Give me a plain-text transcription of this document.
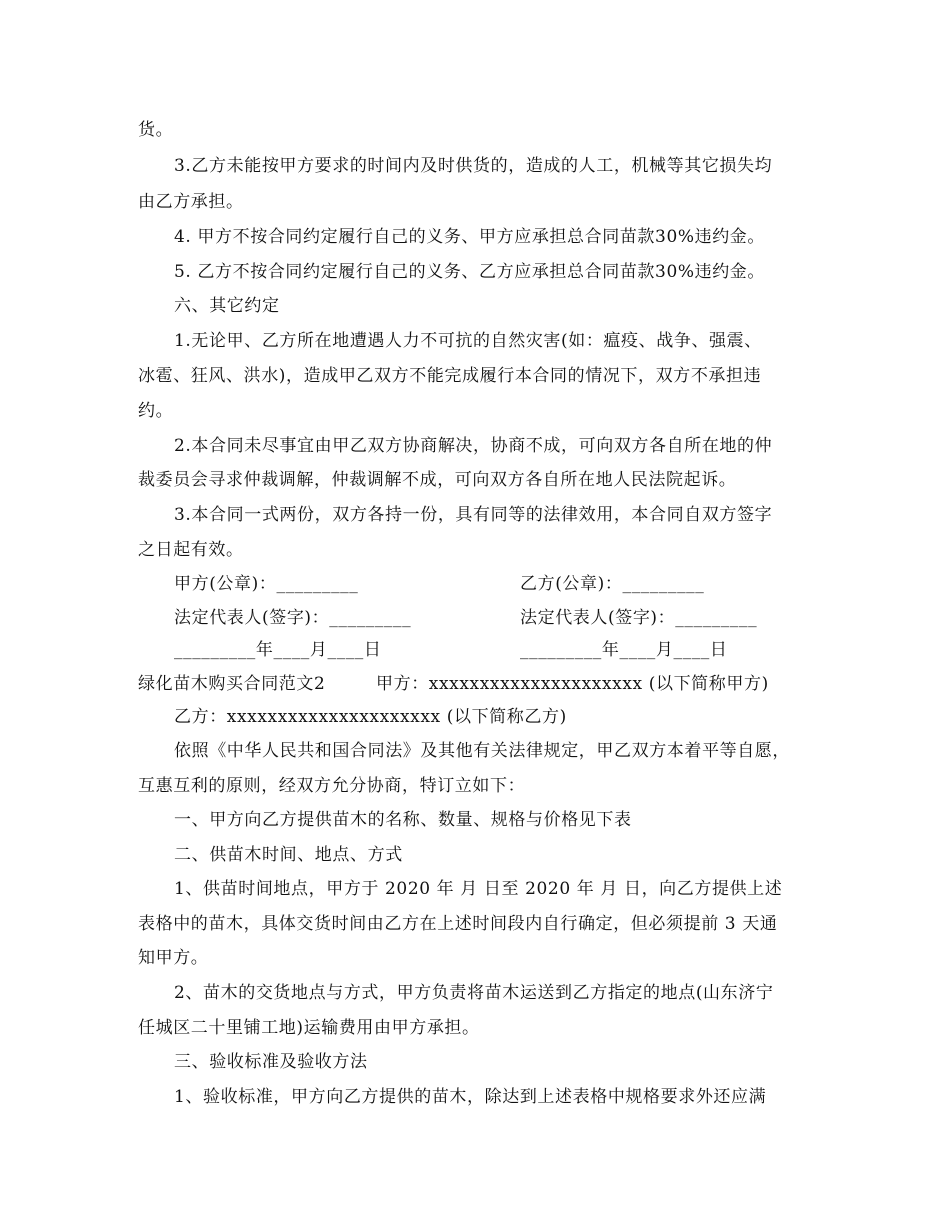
货。
3.乙方未能按甲方要求的时间内及时供货的，造成的人工，机械等其它损失均
由乙方承担。
4. 甲方不按合同约定履行自己的义务、甲方应承担总合同苗款30%违约金。
5. 乙方不按合同约定履行自己的义务、乙方应承担总合同苗款30%违约金。
六、其它约定
1.无论甲、乙方所在地遭遇人力不可抗的自然灾害(如：瘟疫、战争、强震、
冰雹、狂风、洪水)，造成甲乙双方不能完成履行本合同的情况下，双方不承担违
约。
2.本合同未尽事宜由甲乙双方协商解决，协商不成，可向双方各自所在地的仲
裁委员会寻求仲裁调解，仲裁调解不成，可向双方各自所在地人民法院起诉。
3.本合同一式两份，双方各持一份，具有同等的法律效用，本合同自双方签字
之日起有效。
甲方(公章)：_________	乙方(公章)：_________
法定代表人(签字)：_________	法定代表人(签字)：_________
_________年____月____日	_________年____月____日
绿化苗木购买合同范文2	甲方：xxxxxxxxxxxxxxxxxxxxx (以下简称甲方)
乙方：xxxxxxxxxxxxxxxxxxxxx (以下简称乙方)
依照《中华人民共和国合同法》及其他有关法律规定，甲乙双方本着平等自愿，
互惠互利的原则，经双方允分协商，特订立如下：
一、甲方向乙方提供苗木的名称、数量、规格与价格见下表
二、供苗木时间、地点、方式
1、供苗时间地点，甲方于 2020 年 月 日至 2020 年 月 日，向乙方提供上述
表格中的苗木，具体交货时间由乙方在上述时间段内自行确定，但必须提前 3 天通
知甲方。
2、苗木的交货地点与方式，甲方负责将苗木运送到乙方指定的地点(山东济宁
任城区二十里铺工地)运输费用由甲方承担。
三、验收标准及验收方法
1、验收标准，甲方向乙方提供的苗木，除达到上述表格中规格要求外还应满
